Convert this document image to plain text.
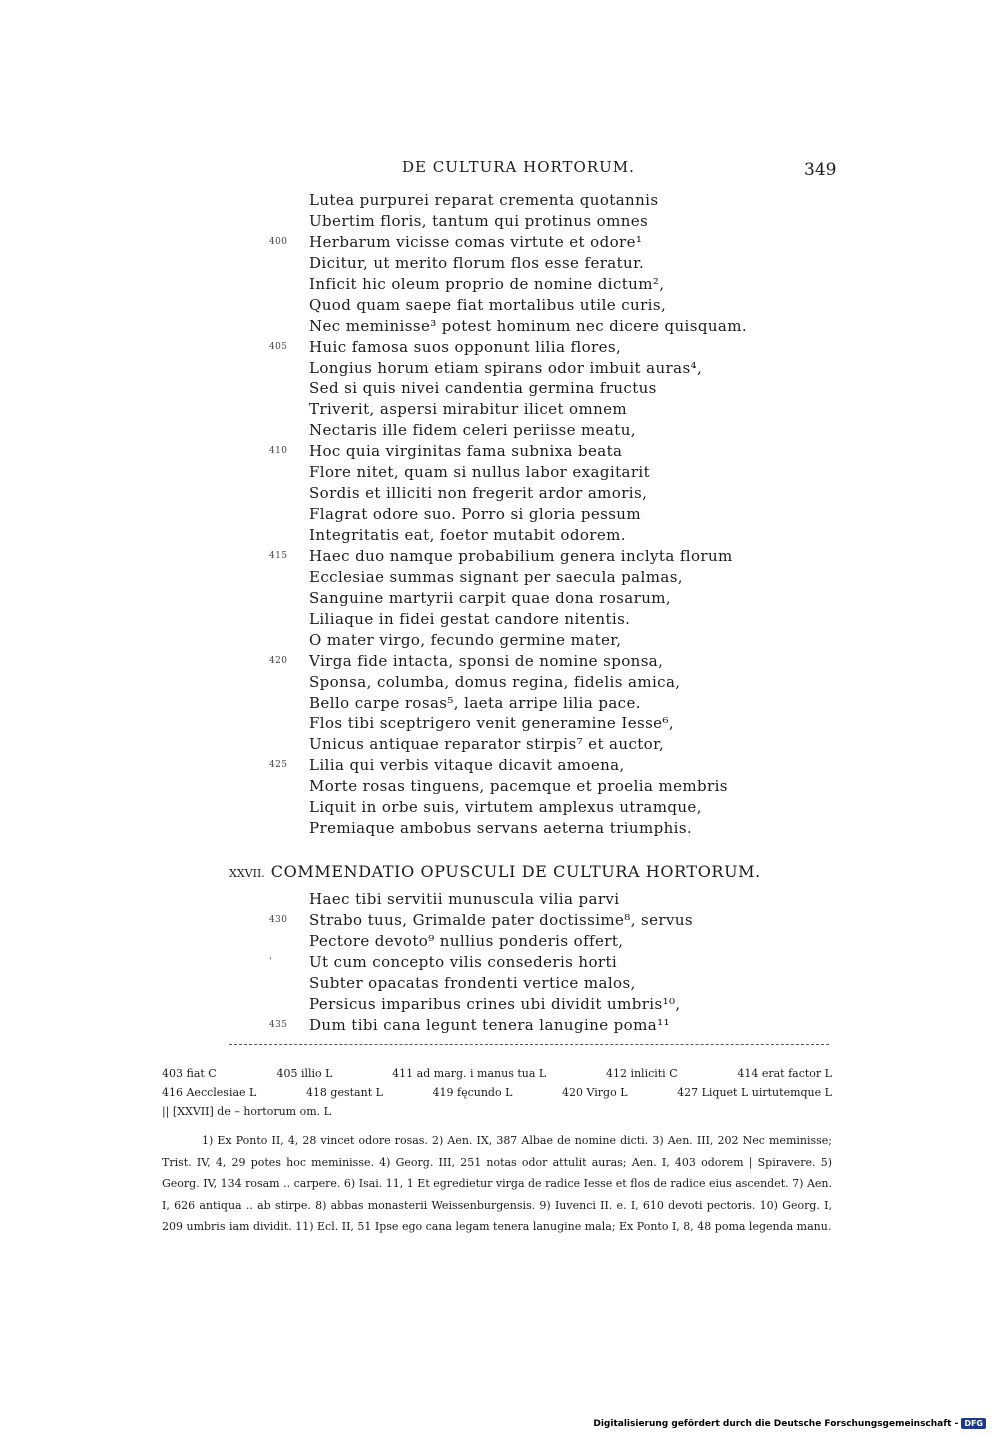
DE CULTURA HORTORUM.	349
Lutea purpurei reparat crementa quotannis
Ubertim floris, tantum qui protinus omnes
400 Herbarum vicisse comas virtute et odore¹
Dicitur, ut merito florum flos esse feratur.
Inficit hic oleum proprio de nomine dictum²,
Quod quam saepe fiat mortalibus utile curis,
Nec meminisse³ potest hominum nec dicere quisquam.
405 Huic famosa suos opponunt lilia flores,
Longius horum etiam spirans odor imbuit auras⁴,
Sed si quis nivei candentia germina fructus
Triverit, aspersi mirabitur ilicet omnem
Nectaris ille fidem celeri periisse meatu,
410 Hoc quia virginitas fama subnixa beata
Flore nitet, quam si nullus labor exagitarit
Sordis et illiciti non fregerit ardor amoris,
Flagrat odore suo. Porro si gloria pessum
Integritatis eat, foetor mutabit odorem.
415 Haec duo namque probabilium genera inclyta florum
Ecclesiae summas signant per saecula palmas,
Sanguine martyrii carpit quae dona rosarum,
Liliaque in fidei gestat candore nitentis.
O mater virgo, fecundo germine mater,
420 Virga fide intacta, sponsi de nomine sponsa,
Sponsa, columba, domus regina, fidelis amica,
Bello carpe rosas⁵, laeta arripe lilia pace.
Flos tibi sceptrigero venit generamine Iesse⁶,
Unicus antiquae reparator stirpis⁷ et auctor,
425 Lilia qui verbis vitaque dicavit amoena,
Morte rosas tinguens, pacemque et proelia membris
Liquit in orbe suis, virtutem amplexus utramque,
Premiaque ambobus servans aeterna triumphis.
XXVII. COMMENDATIO OPUSCULI DE CULTURA HORTORUM.
Haec tibi servitii munuscula vilia parvi
430 Strabo tuus, Grimalde pater doctissime⁸, servus
Pectore devoto⁹ nullius ponderis offert,
' Ut cum concepto vilis consederis horti
Subter opacatas frondenti vertice malos,
Persicus imparibus crines ubi dividit umbris¹⁰,
435 Dum tibi cana legunt tenera lanugine poma¹¹
403 fiat C	405 illio L	411 ad marg. i manus tua L	412 inliciti C	414 erat factor L
416 Aecclesiae L	418 gestant L	419 fęcundo L	420 Virgo L	427 Liquet L uirtutemque L
|| [XXVII] de – hortorum om. L
1) Ex Ponto II, 4, 28 vincet odore rosas. 2) Aen. IX, 387 Albae de nomine dicti. 3) Aen. III, 202 Nec meminisse; Trist. IV, 4, 29 potes hoc meminisse. 4) Georg. III, 251 notas odor attulit auras; Aen. I, 403 odorem | Spiravere. 5) Georg. IV, 134 rosam .. carpere. 6) Isai. 11, 1 Et egredietur virga de radice Iesse et flos de radice eius ascendet. 7) Aen. I, 626 antiqua .. ab stirpe. 8) abbas monasterii Weissenburgensis. 9) Iuvenci II. e. I, 610 devoti pectoris. 10) Georg. I, 209 umbris iam dividit. 11) Ecl. II, 51 Ipse ego cana legam tenera lanugine mala; Ex Ponto I, 8, 48 poma legenda manu.
Digitalisierung gefördert durch die Deutsche Forschungsgemeinschaft - DFG
